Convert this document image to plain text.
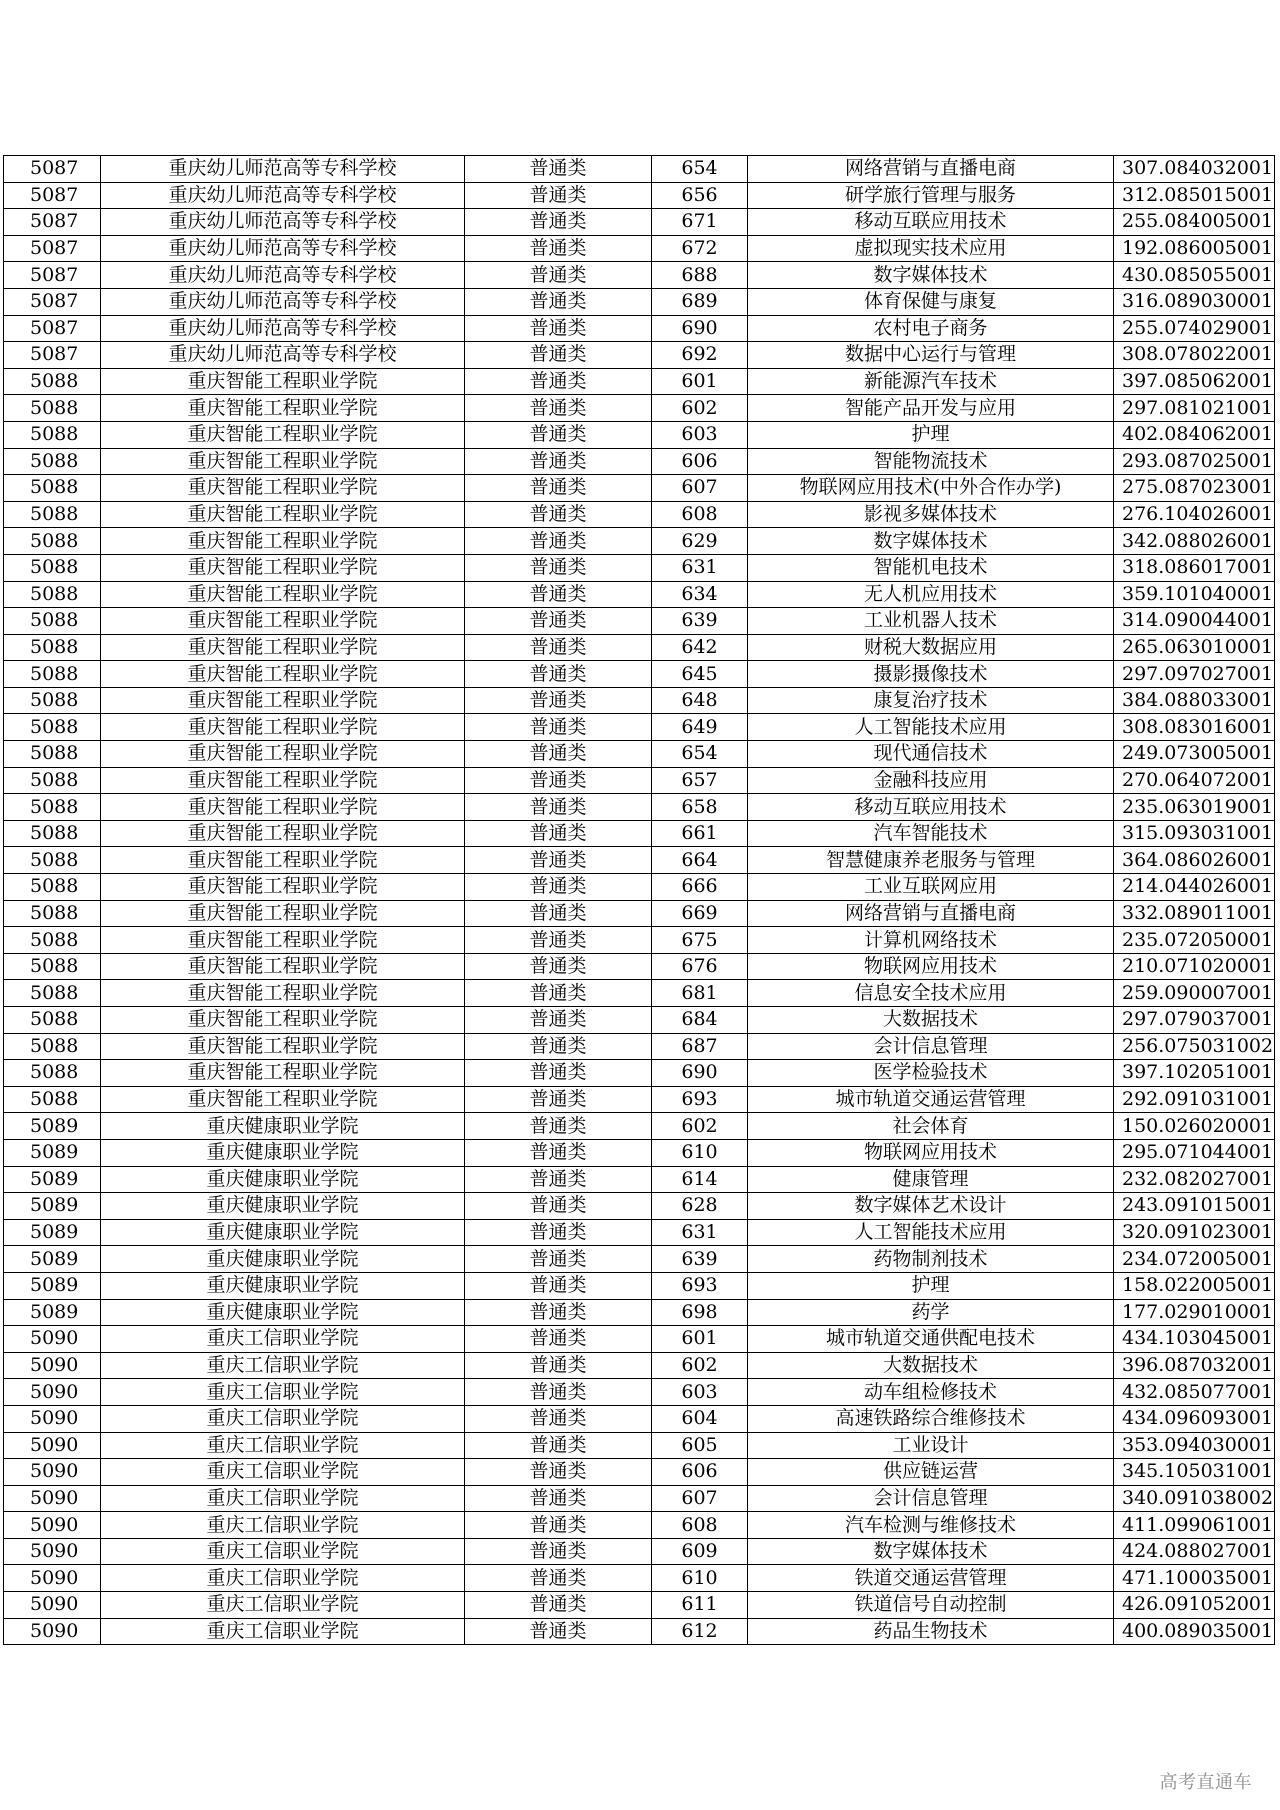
5087	重庆幼儿师范高等专科学校	普通类	654	网络营销与直播电商	307.084032001
5087	重庆幼儿师范高等专科学校	普通类	656	研学旅行管理与服务	312.085015001
5087	重庆幼儿师范高等专科学校	普通类	671	移动互联应用技术	255.084005001
5087	重庆幼儿师范高等专科学校	普通类	672	虚拟现实技术应用	192.086005001
5087	重庆幼儿师范高等专科学校	普通类	688	数字媒体技术	430.085055001
5087	重庆幼儿师范高等专科学校	普通类	689	体育保健与康复	316.089030001
5087	重庆幼儿师范高等专科学校	普通类	690	农村电子商务	255.074029001
5087	重庆幼儿师范高等专科学校	普通类	692	数据中心运行与管理	308.078022001
5088	重庆智能工程职业学院	普通类	601	新能源汽车技术	397.085062001
5088	重庆智能工程职业学院	普通类	602	智能产品开发与应用	297.081021001
5088	重庆智能工程职业学院	普通类	603	护理	402.084062001
5088	重庆智能工程职业学院	普通类	606	智能物流技术	293.087025001
5088	重庆智能工程职业学院	普通类	607	物联网应用技术(中外合作办学)	275.087023001
5088	重庆智能工程职业学院	普通类	608	影视多媒体技术	276.104026001
5088	重庆智能工程职业学院	普通类	629	数字媒体技术	342.088026001
5088	重庆智能工程职业学院	普通类	631	智能机电技术	318.086017001
5088	重庆智能工程职业学院	普通类	634	无人机应用技术	359.101040001
5088	重庆智能工程职业学院	普通类	639	工业机器人技术	314.090044001
5088	重庆智能工程职业学院	普通类	642	财税大数据应用	265.063010001
5088	重庆智能工程职业学院	普通类	645	摄影摄像技术	297.097027001
5088	重庆智能工程职业学院	普通类	648	康复治疗技术	384.088033001
5088	重庆智能工程职业学院	普通类	649	人工智能技术应用	308.083016001
5088	重庆智能工程职业学院	普通类	654	现代通信技术	249.073005001
5088	重庆智能工程职业学院	普通类	657	金融科技应用	270.064072001
5088	重庆智能工程职业学院	普通类	658	移动互联应用技术	235.063019001
5088	重庆智能工程职业学院	普通类	661	汽车智能技术	315.093031001
5088	重庆智能工程职业学院	普通类	664	智慧健康养老服务与管理	364.086026001
5088	重庆智能工程职业学院	普通类	666	工业互联网应用	214.044026001
5088	重庆智能工程职业学院	普通类	669	网络营销与直播电商	332.089011001
5088	重庆智能工程职业学院	普通类	675	计算机网络技术	235.072050001
5088	重庆智能工程职业学院	普通类	676	物联网应用技术	210.071020001
5088	重庆智能工程职业学院	普通类	681	信息安全技术应用	259.090007001
5088	重庆智能工程职业学院	普通类	684	大数据技术	297.079037001
5088	重庆智能工程职业学院	普通类	687	会计信息管理	256.075031002
5088	重庆智能工程职业学院	普通类	690	医学检验技术	397.102051001
5088	重庆智能工程职业学院	普通类	693	城市轨道交通运营管理	292.091031001
5089	重庆健康职业学院	普通类	602	社会体育	150.026020001
5089	重庆健康职业学院	普通类	610	物联网应用技术	295.071044001
5089	重庆健康职业学院	普通类	614	健康管理	232.082027001
5089	重庆健康职业学院	普通类	628	数字媒体艺术设计	243.091015001
5089	重庆健康职业学院	普通类	631	人工智能技术应用	320.091023001
5089	重庆健康职业学院	普通类	639	药物制剂技术	234.072005001
5089	重庆健康职业学院	普通类	693	护理	158.022005001
5089	重庆健康职业学院	普通类	698	药学	177.029010001
5090	重庆工信职业学院	普通类	601	城市轨道交通供配电技术	434.103045001
5090	重庆工信职业学院	普通类	602	大数据技术	396.087032001
5090	重庆工信职业学院	普通类	603	动车组检修技术	432.085077001
5090	重庆工信职业学院	普通类	604	高速铁路综合维修技术	434.096093001
5090	重庆工信职业学院	普通类	605	工业设计	353.094030001
5090	重庆工信职业学院	普通类	606	供应链运营	345.105031001
5090	重庆工信职业学院	普通类	607	会计信息管理	340.091038002
5090	重庆工信职业学院	普通类	608	汽车检测与维修技术	411.099061001
5090	重庆工信职业学院	普通类	609	数字媒体技术	424.088027001
5090	重庆工信职业学院	普通类	610	铁道交通运营管理	471.100035001
5090	重庆工信职业学院	普通类	611	铁道信号自动控制	426.091052001
5090	重庆工信职业学院	普通类	612	药品生物技术	400.089035001
高考直通车
